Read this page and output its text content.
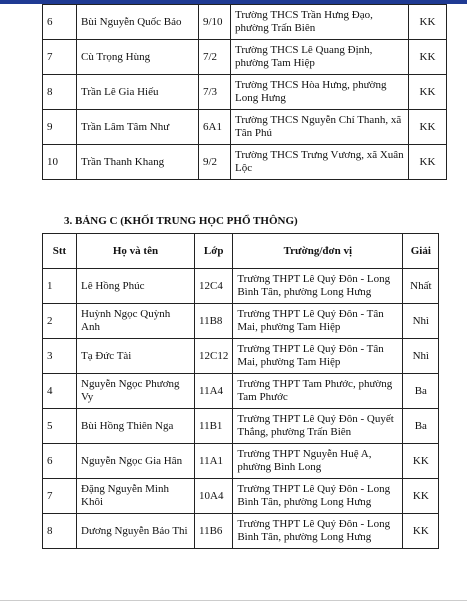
6	Bùi Nguyễn Quốc Bảo	9/10	Trường THCS Trần Hưng Đạo, phường Trấn Biên	KK
7	Cù Trọng Hùng	7/2	Trường THCS Lê Quang Định, phường Tam Hiệp	KK
8	Trần Lê Gia Hiếu	7/3	Trường THCS Hòa Hưng, phường Long Hưng	KK
9	Trần Lâm Tâm Như	6A1	Trường THCS Nguyễn Chí Thanh, xã Tân Phú	KK
10	Trần Thanh Khang	9/2	Trường THCS Trưng Vương, xã Xuân Lộc	KK
3. BẢNG C (KHỐI TRUNG HỌC PHỔ THÔNG)
Stt	Họ và tên	Lớp	Trường/đơn vị	Giải
1	Lê Hồng Phúc	12C4	Trường THPT Lê Quý Đôn - Long Bình Tân, phường Long Hưng	Nhất
2	Huỳnh Ngọc Quỳnh Anh	11B8	Trường THPT Lê Quý Đôn - Tân Mai, phường Tam Hiệp	Nhì
3	Tạ Đức Tài	12C12	Trường THPT Lê Quý Đôn - Tân Mai, phường Tam Hiệp	Nhì
4	Nguyễn Ngọc Phương Vy	11A4	Trường THPT Tam Phước, phường Tam Phước	Ba
5	Bùi Hồng Thiên Nga	11B1	Trường THPT Lê Quý Đôn - Quyết Thắng, phường Trấn Biên	Ba
6	Nguyễn Ngọc Gia Hân	11A1	Trường THPT Nguyễn Huệ A, phường Bình Long	KK
7	Đặng Nguyễn Minh Khôi	10A4	Trường THPT Lê Quý Đôn - Long Bình Tân, phường Long Hưng	KK
8	Dương Nguyễn Bảo Thi	11B6	Trường THPT Lê Quý Đôn - Long Bình Tân, phường Long Hưng	KK
